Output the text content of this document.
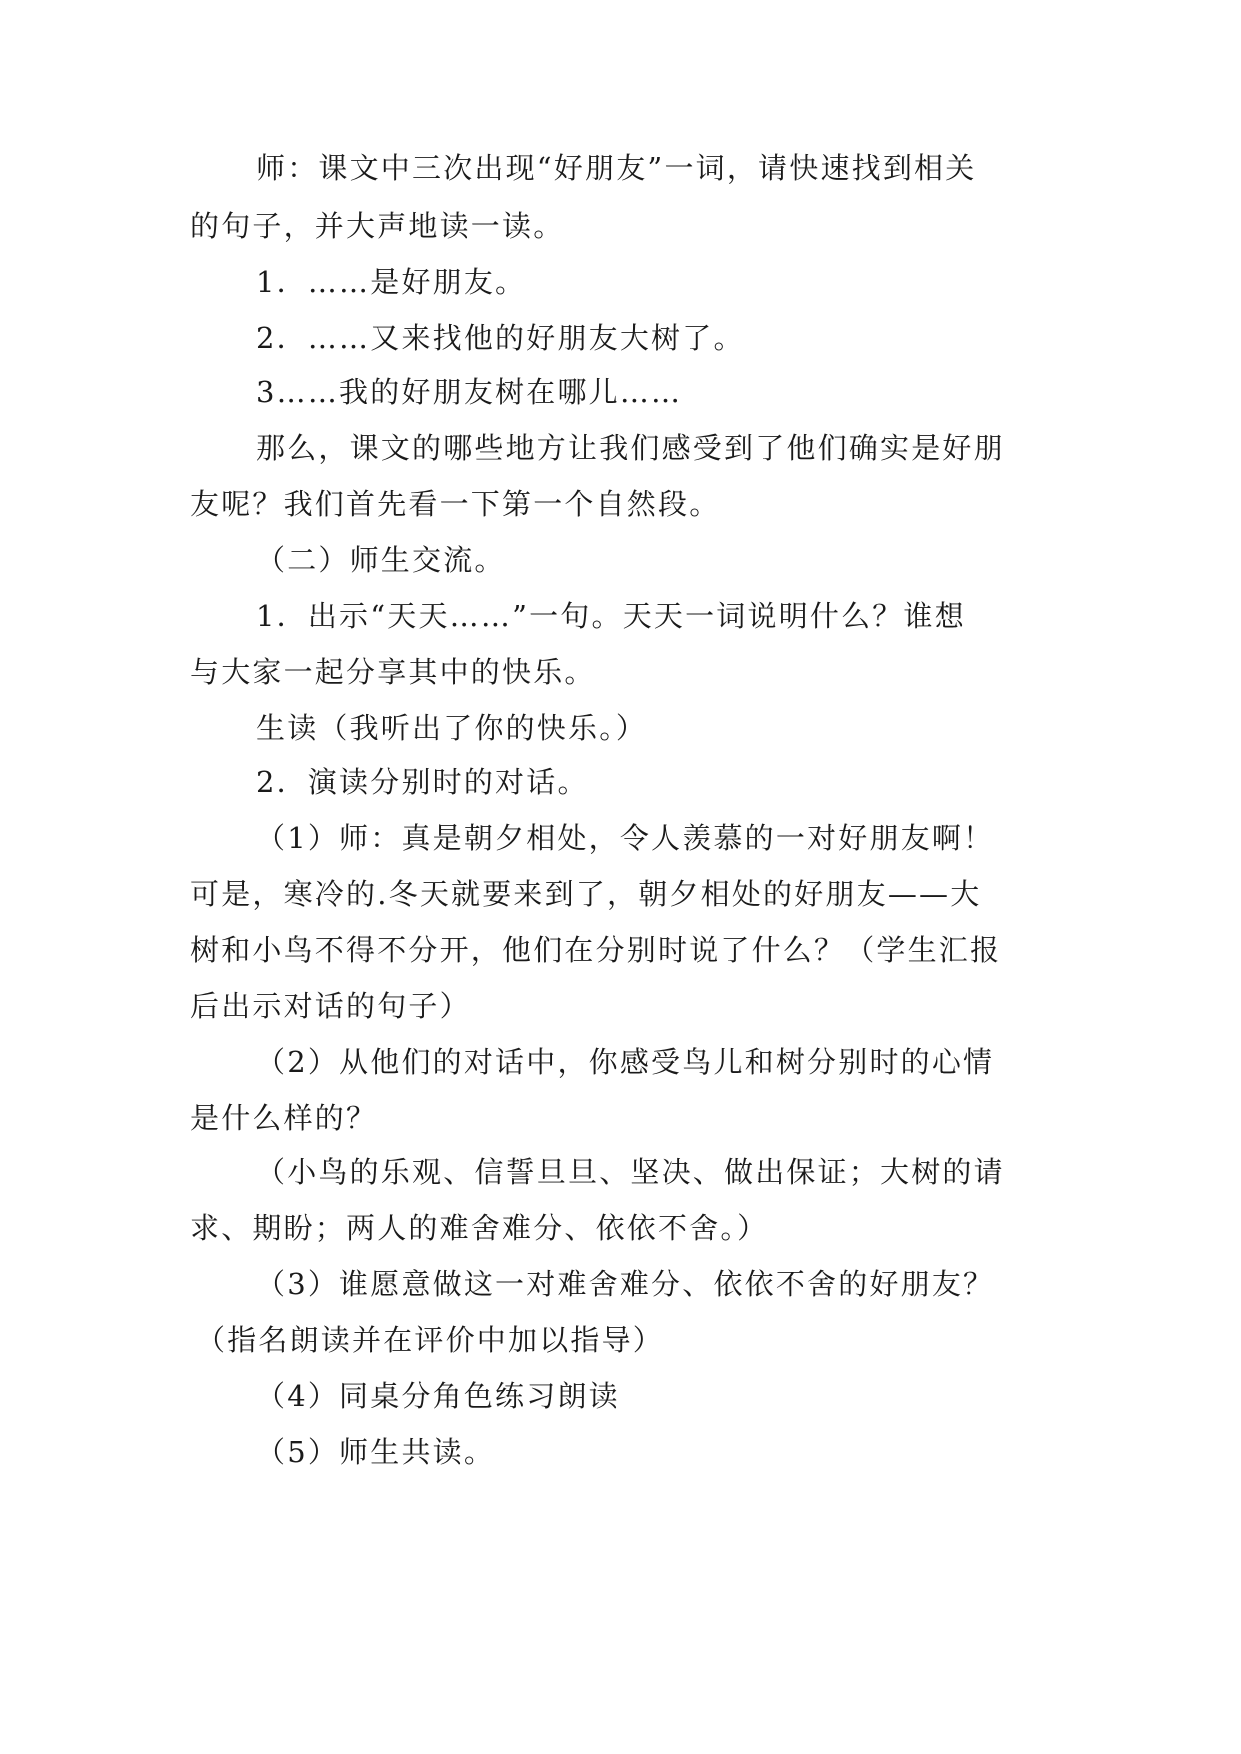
师：课文中三次出现“好朋友”一词，请快速找到相关
的句子，并大声地读一读。
1．……是好朋友。
2．……又来找他的好朋友大树了。
3……我的好朋友树在哪儿……
那么，课文的哪些地方让我们感受到了他们确实是好朋
友呢？我们首先看一下第一个自然段。
（二）师生交流。
1．出示“天天……”一句。天天一词说明什么？谁想
与大家一起分享其中的快乐。
生读（我听出了你的快乐。）
2．演读分别时的对话。
（1）师：真是朝夕相处，令人羡慕的一对好朋友啊！
可是，寒冷的.冬天就要来到了，朝夕相处的好朋友——大
树和小鸟不得不分开，他们在分别时说了什么？（学生汇报
后出示对话的句子）
（2）从他们的对话中，你感受鸟儿和树分别时的心情
是什么样的？
（小鸟的乐观、信誓旦旦、坚决、做出保证；大树的请
求、期盼；两人的难舍难分、依依不舍。）
（3）谁愿意做这一对难舍难分、依依不舍的好朋友？
（指名朗读并在评价中加以指导）
（4）同桌分角色练习朗读
（5）师生共读。
